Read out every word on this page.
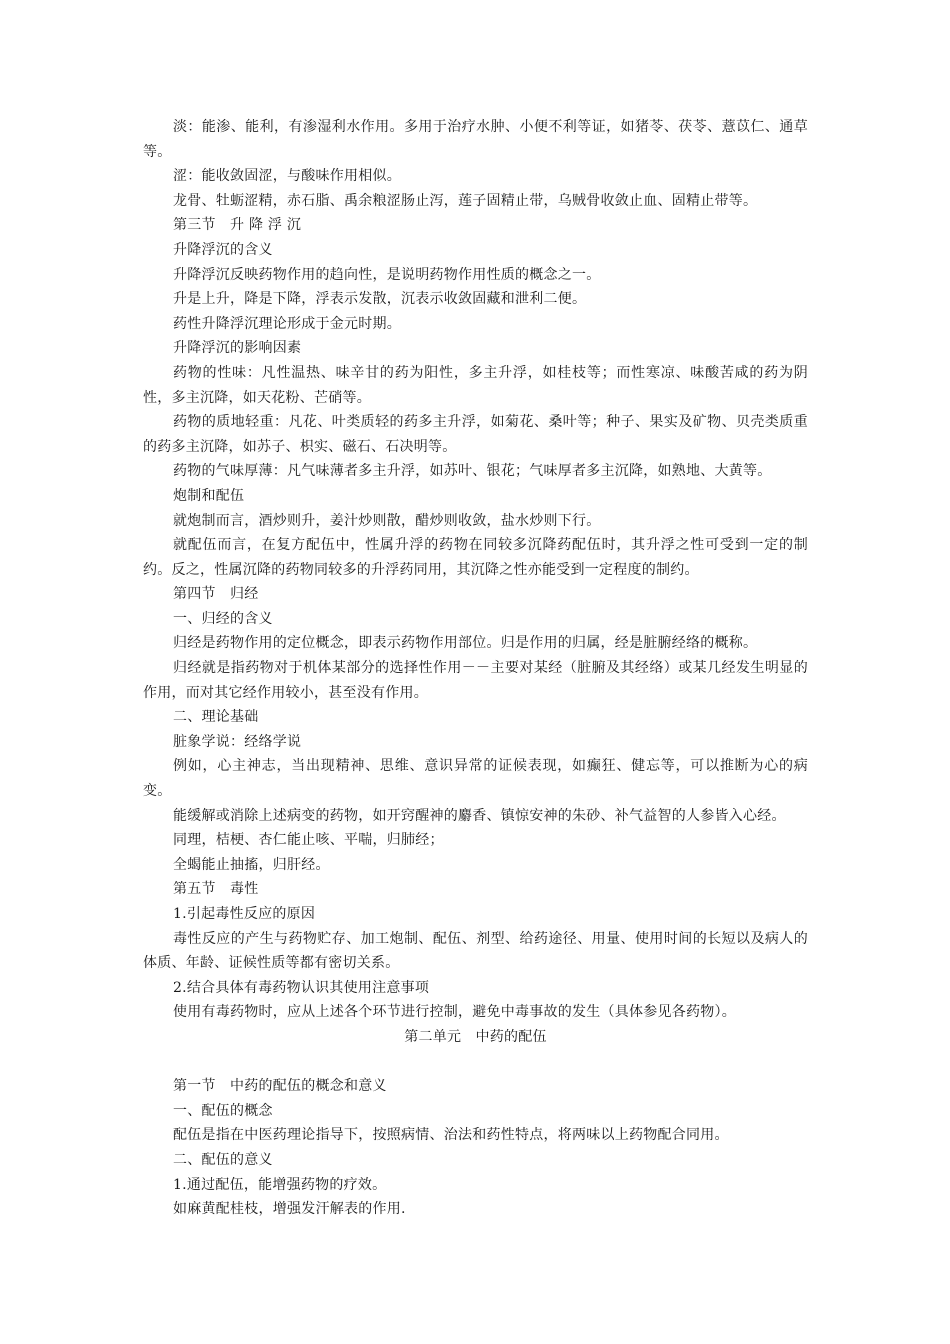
淡：能渗、能利，有渗湿利水作用。多用于治疗水肿、小便不利等证，如猪苓、茯苓、薏苡仁、通草等。

涩：能收敛固涩，与酸味作用相似。

龙骨、牡蛎涩精，赤石脂、禹余粮涩肠止泻，莲子固精止带，乌贼骨收敛止血、固精止带等。

第三节　升 降 浮 沉

升降浮沉的含义

升降浮沉反映药物作用的趋向性，是说明药物作用性质的概念之一。

升是上升，降是下降，浮表示发散，沉表示收敛固藏和泄利二便。

药性升降浮沉理论形成于金元时期。

升降浮沉的影响因素

药物的性味：凡性温热、味辛甘的药为阳性，多主升浮，如桂枝等；而性寒凉、味酸苦咸的药为阴性，多主沉降，如天花粉、芒硝等。

药物的质地轻重：凡花、叶类质轻的药多主升浮，如菊花、桑叶等；种子、果实及矿物、贝壳类质重的药多主沉降，如苏子、枳实、磁石、石决明等。

药物的气味厚薄：凡气味薄者多主升浮，如苏叶、银花；气味厚者多主沉降，如熟地、大黄等。

炮制和配伍

就炮制而言，酒炒则升，姜汁炒则散，醋炒则收敛，盐水炒则下行。

就配伍而言，在复方配伍中，性属升浮的药物在同较多沉降药配伍时，其升浮之性可受到一定的制约。反之，性属沉降的药物同较多的升浮药同用，其沉降之性亦能受到一定程度的制约。

第四节　归经

一、归经的含义

归经是药物作用的定位概念，即表示药物作用部位。归是作用的归属，经是脏腑经络的概称。

归经就是指药物对于机体某部分的选择性作用－－主要对某经（脏腑及其经络）或某几经发生明显的作用，而对其它经作用较小，甚至没有作用。

二、理论基础

脏象学说：经络学说

例如，心主神志，当出现精神、思维、意识异常的证候表现，如癫狂、健忘等，可以推断为心的病变。

能缓解或消除上述病变的药物，如开窍醒神的麝香、镇惊安神的朱砂、补气益智的人参皆入心经。

同理，桔梗、杏仁能止咳、平喘，归肺经；

全蝎能止抽搐，归肝经。

第五节　毒性

1.引起毒性反应的原因

毒性反应的产生与药物贮存、加工炮制、配伍、剂型、给药途径、用量、使用时间的长短以及病人的体质、年龄、证候性质等都有密切关系。

2.结合具体有毒药物认识其使用注意事项

使用有毒药物时，应从上述各个环节进行控制，避免中毒事故的发生（具体参见各药物）。

第二单元　中药的配伍

第一节　中药的配伍的概念和意义

一、配伍的概念

配伍是指在中医药理论指导下，按照病情、治法和药性特点，将两味以上药物配合同用。

二、配伍的意义

1.通过配伍，能增强药物的疗效。

如麻黄配桂枝，增强发汗解表的作用.
